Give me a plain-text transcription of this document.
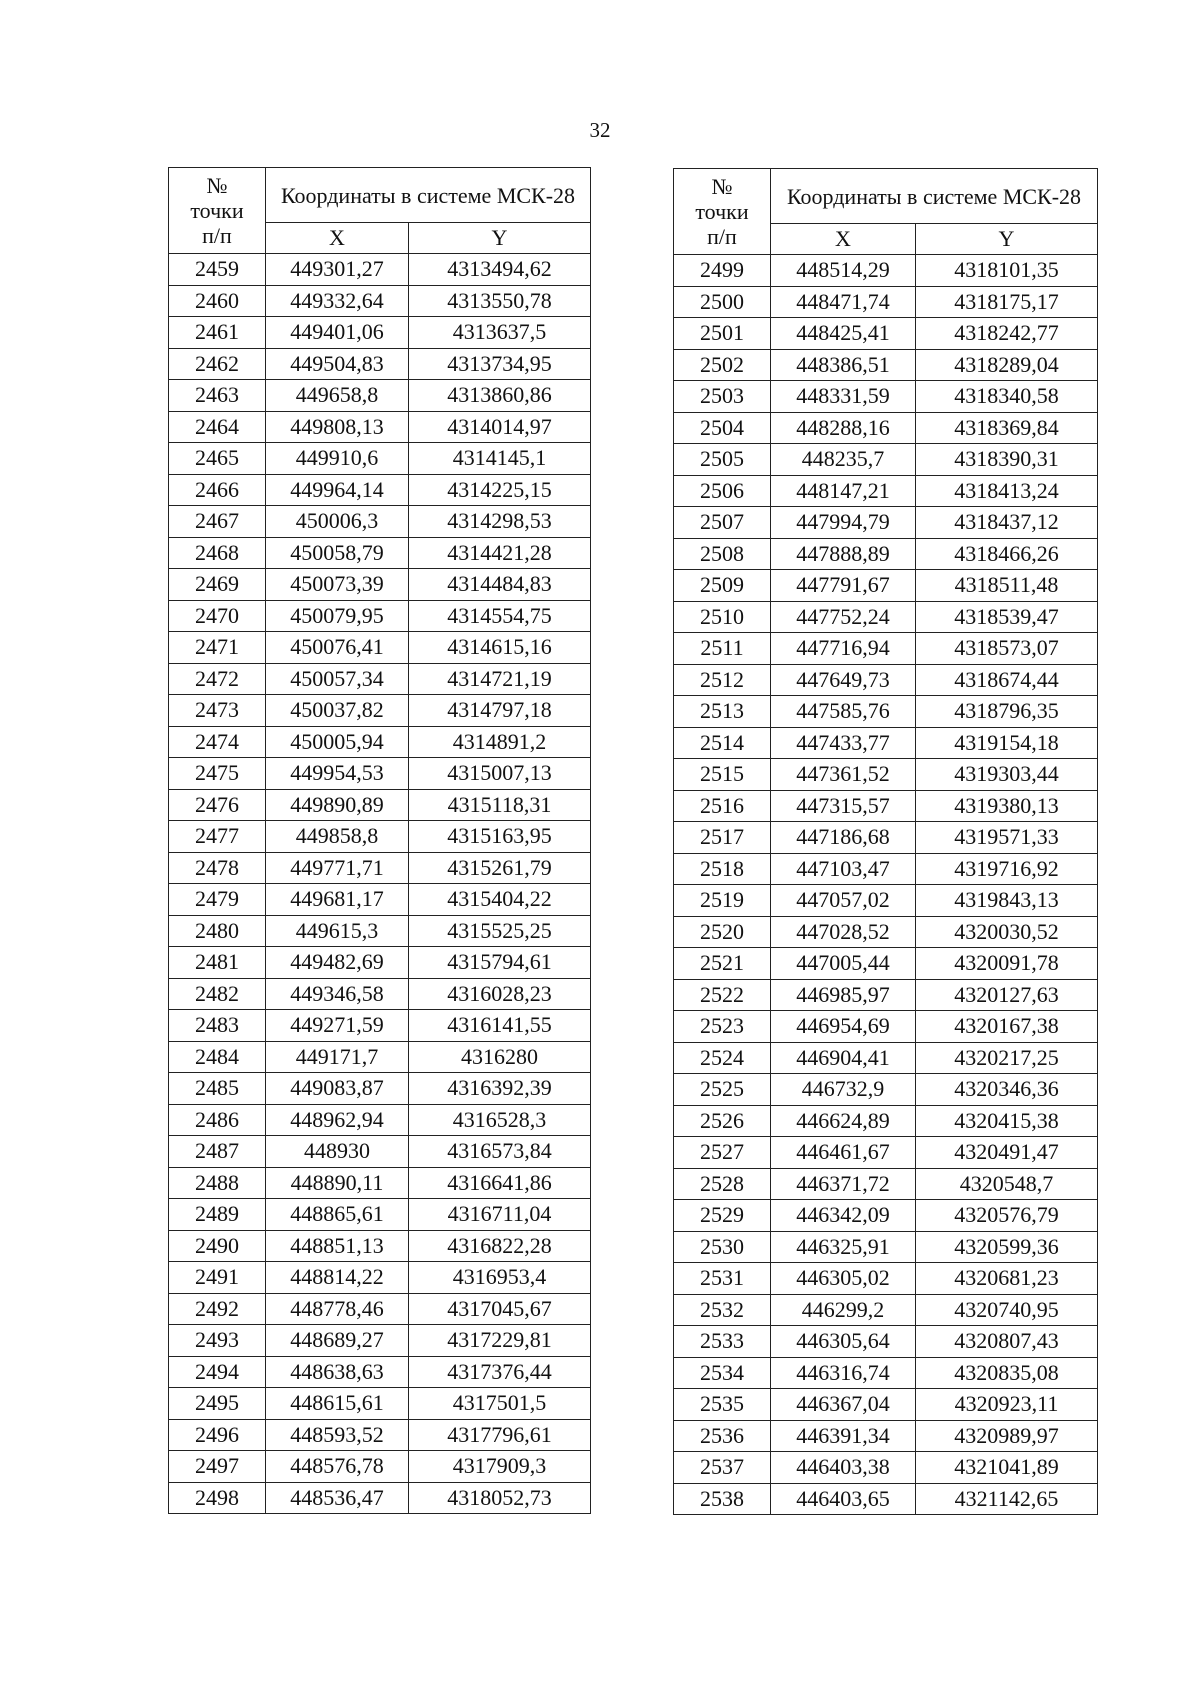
32
№
точки
п/п	Координаты в системе МСК-28	
	X	Y
2459	449301,27	4313494,62
2460	449332,64	4313550,78
2461	449401,06	4313637,5
2462	449504,83	4313734,95
2463	449658,8	4313860,86
2464	449808,13	4314014,97
2465	449910,6	4314145,1
2466	449964,14	4314225,15
2467	450006,3	4314298,53
2468	450058,79	4314421,28
2469	450073,39	4314484,83
2470	450079,95	4314554,75
2471	450076,41	4314615,16
2472	450057,34	4314721,19
2473	450037,82	4314797,18
2474	450005,94	4314891,2
2475	449954,53	4315007,13
2476	449890,89	4315118,31
2477	449858,8	4315163,95
2478	449771,71	4315261,79
2479	449681,17	4315404,22
2480	449615,3	4315525,25
2481	449482,69	4315794,61
2482	449346,58	4316028,23
2483	449271,59	4316141,55
2484	449171,7	4316280
2485	449083,87	4316392,39
2486	448962,94	4316528,3
2487	448930	4316573,84
2488	448890,11	4316641,86
2489	448865,61	4316711,04
2490	448851,13	4316822,28
2491	448814,22	4316953,4
2492	448778,46	4317045,67
2493	448689,27	4317229,81
2494	448638,63	4317376,44
2495	448615,61	4317501,5
2496	448593,52	4317796,61
2497	448576,78	4317909,3
2498	448536,47	4318052,73
№
точки
п/п	Координаты в системе МСК-28	
	X	Y
2499	448514,29	4318101,35
2500	448471,74	4318175,17
2501	448425,41	4318242,77
2502	448386,51	4318289,04
2503	448331,59	4318340,58
2504	448288,16	4318369,84
2505	448235,7	4318390,31
2506	448147,21	4318413,24
2507	447994,79	4318437,12
2508	447888,89	4318466,26
2509	447791,67	4318511,48
2510	447752,24	4318539,47
2511	447716,94	4318573,07
2512	447649,73	4318674,44
2513	447585,76	4318796,35
2514	447433,77	4319154,18
2515	447361,52	4319303,44
2516	447315,57	4319380,13
2517	447186,68	4319571,33
2518	447103,47	4319716,92
2519	447057,02	4319843,13
2520	447028,52	4320030,52
2521	447005,44	4320091,78
2522	446985,97	4320127,63
2523	446954,69	4320167,38
2524	446904,41	4320217,25
2525	446732,9	4320346,36
2526	446624,89	4320415,38
2527	446461,67	4320491,47
2528	446371,72	4320548,7
2529	446342,09	4320576,79
2530	446325,91	4320599,36
2531	446305,02	4320681,23
2532	446299,2	4320740,95
2533	446305,64	4320807,43
2534	446316,74	4320835,08
2535	446367,04	4320923,11
2536	446391,34	4320989,97
2537	446403,38	4321041,89
2538	446403,65	4321142,65
